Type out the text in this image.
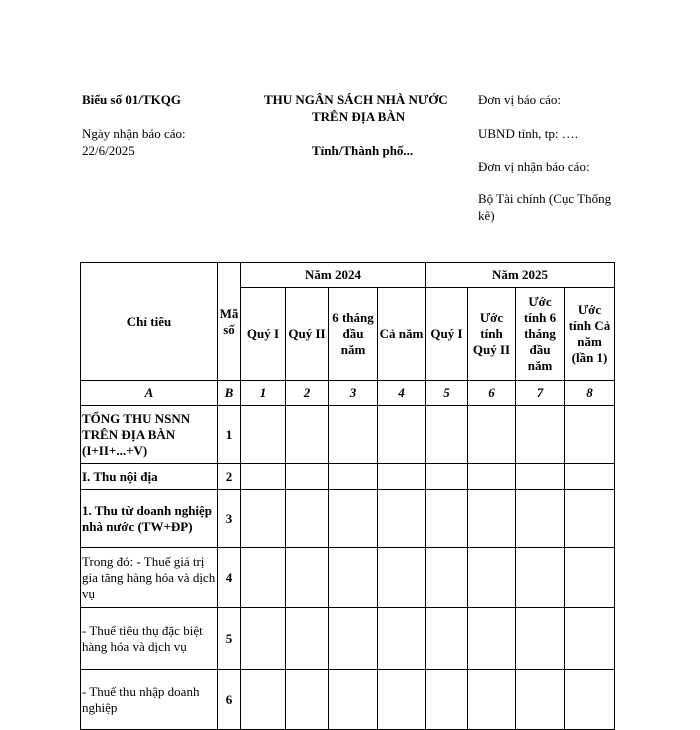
Biểu số 01/TKQG
Ngày nhận báo cáo:
22/6/2025
THU NGÂN SÁCH NHÀ NƯỚC
TRÊN ĐỊA BÀN
Tỉnh/Thành phố...
Đơn vị báo cáo:
UBND tỉnh, tp: ….
Đơn vị nhận báo cáo:
Bộ Tài chính (Cục Thống kê)
Chỉ tiêu	Mã số	Năm 2024				Năm 2025			
		Quý I	Quý II	6 tháng đầu năm	Cả năm	Quý I	Ước tính Quý II	Ước tính 6 tháng đầu năm	Ước tính Cả năm (lần 1)
A	B	1	2	3	4	5	6	7	8
TỔNG THU NSNN TRÊN ĐỊA BÀN (I+II+...+V)	1								
I. Thu nội địa	2								
1. Thu từ doanh nghiệp nhà nước (TW+ĐP)	3								
Trong đó: - Thuế giá trị gia tăng hàng hóa và dịch vụ	4								
- Thuế tiêu thụ đặc biệt hàng hóa và dịch vụ	5								
- Thuế thu nhập doanh nghiệp	6								
